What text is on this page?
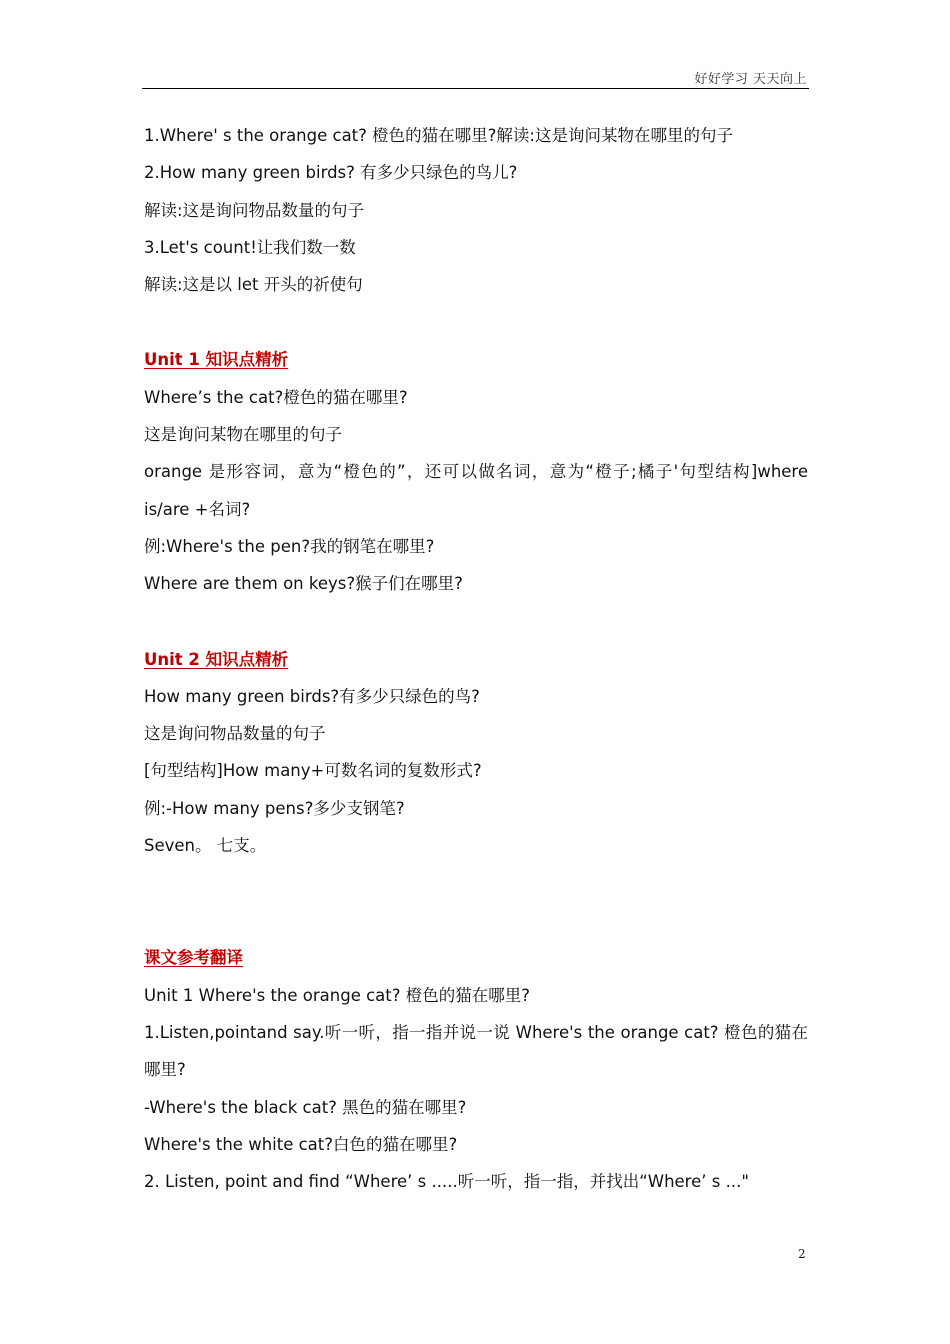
好好学习 天天向上
1.Where' s the orange cat? 橙色的猫在哪里?解读:这是询问某物在哪里的句子
2.How many green birds? 有多少只绿色的鸟儿?
解读:这是询问物品数量的句子
3.Let's count!让我们数一数
解读:这是以 let 开头的祈使句
Unit 1 知识点精析
Where’s the cat?橙色的猫在哪里?
这是询问某物在哪里的句子
orange 是形容词，意为“橙色的”，还可以做名词，意为“橙子;橘子'句型结构]where is/are +名词?
例:Where's the pen?我的钢笔在哪里?
Where are them on keys?猴子们在哪里?
Unit 2 知识点精析
How many green birds?有多少只绿色的鸟?
这是询问物品数量的句子
[句型结构]How many+可数名词的复数形式?
例:-How many pens?多少支钢笔?
Seven。 七支。
课文参考翻译
Unit 1 Where's the orange cat? 橙色的猫在哪里?
1.Listen,pointand say.听一听，指一指并说一说 Where's the orange cat? 橙色的猫在哪里?
-Where's the black cat? 黑色的猫在哪里?
Where's the white cat?白色的猫在哪里?
2. Listen, point and find “Where’ s .....听一听，指一指，并找出“Where’ s ..."
2
